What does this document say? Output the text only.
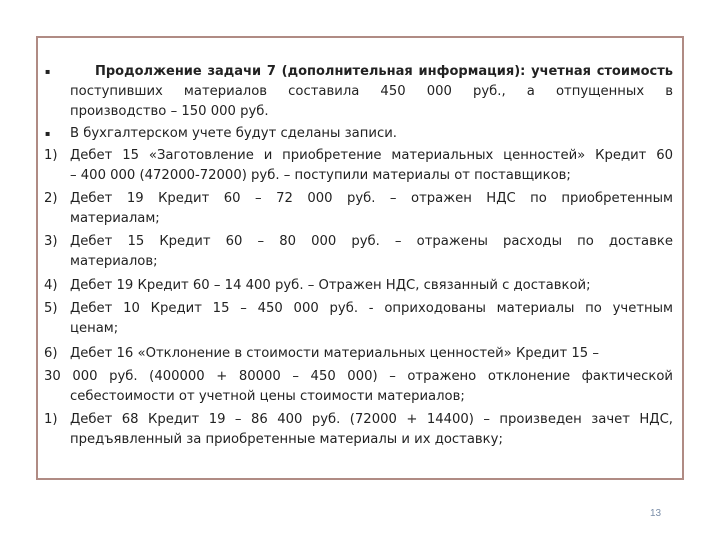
▪	Продолжение задачи 7 (дополнительная информация): учетная стоимость
поступивших материалов составила 450 000 руб., а отпущенных в
производство – 150 000 руб.
▪	В бухгалтерском учете будут сделаны записи.
1) Дебет 15 «Заготовление и приобретение материальных ценностей» Кредит 60
– 400 000 (472000-72000) руб. – поступили материалы от поставщиков;
2) Дебет 19 Кредит 60 – 72 000 руб. – отражен НДС по приобретенным
материалам;
3) Дебет 15 Кредит 60 – 80 000 руб. – отражены расходы по доставке
материалов;
4) Дебет 19 Кредит 60 – 14 400 руб. – Отражен НДС, связанный с доставкой;
5) Дебет 10 Кредит 15 – 450 000 руб. - оприходованы материалы по учетным
ценам;
6) Дебет 16 «Отклонение в стоимости материальных ценностей» Кредит 15 –
30 000 руб. (400000 + 80000 – 450 000) – отражено отклонение фактической
себестоимости от учетной цены стоимости материалов;
1) Дебет 68 Кредит 19 – 86 400 руб. (72000 + 14400) – произведен зачет НДС,
предъявленный за приобретенные материалы и их доставку;
13
